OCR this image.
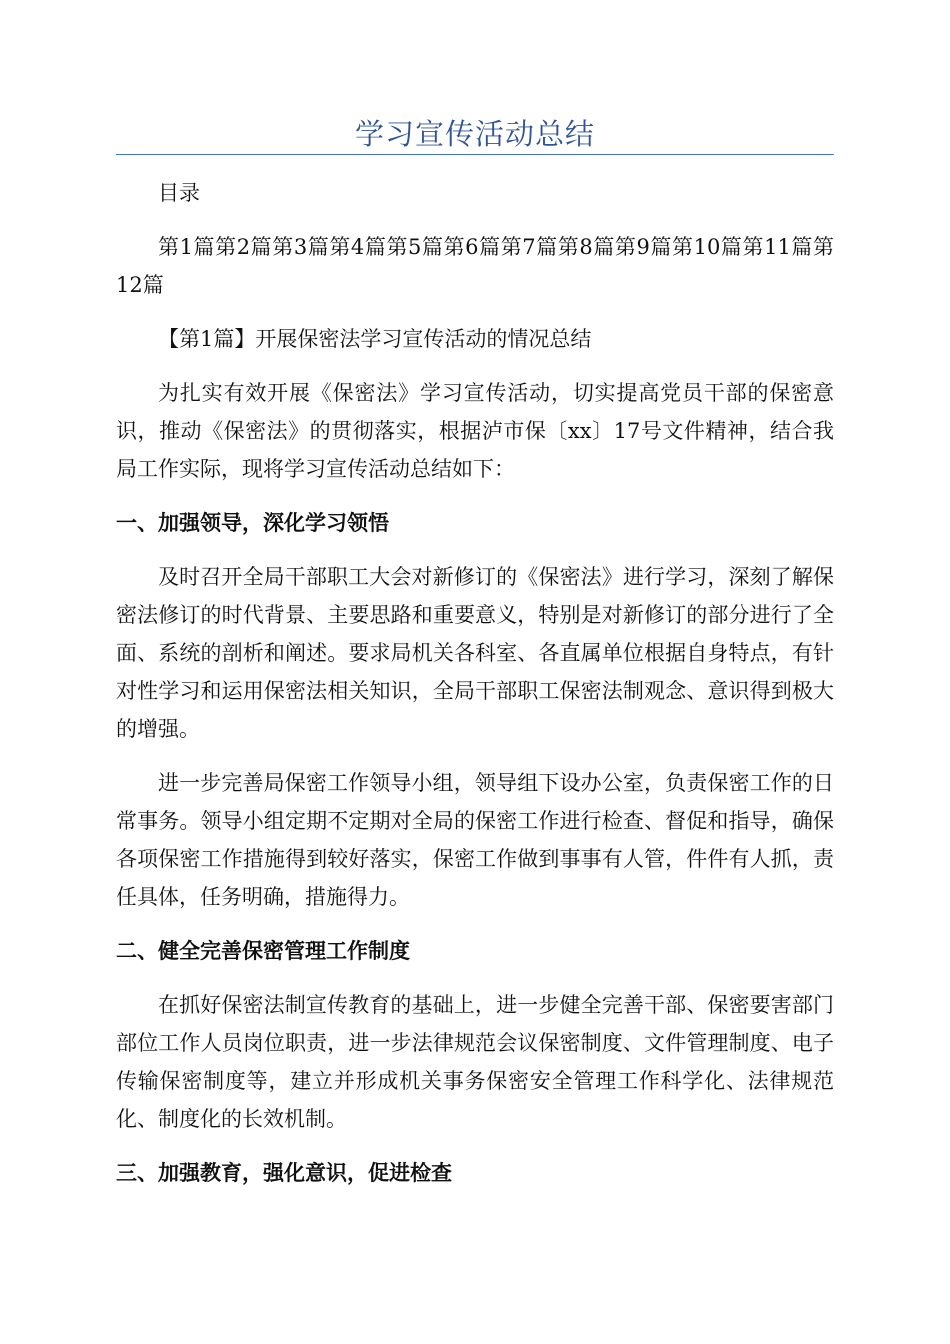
学习宣传活动总结

目录

第1篇第2篇第3篇第4篇第5篇第6篇第7篇第8篇第9篇第10篇第11篇第12篇

【第1篇】开展保密法学习宣传活动的情况总结

为扎实有效开展《保密法》学习宣传活动，切实提高党员干部的保密意识，推动《保密法》的贯彻落实，根据泸市保〔xx〕17号文件精神，结合我局工作实际，现将学习宣传活动总结如下：

一、加强领导，深化学习领悟

及时召开全局干部职工大会对新修订的《保密法》进行学习，深刻了解保密法修订的时代背景、主要思路和重要意义，特别是对新修订的部分进行了全面、系统的剖析和阐述。要求局机关各科室、各直属单位根据自身特点，有针对性学习和运用保密法相关知识，全局干部职工保密法制观念、意识得到极大的增强。

进一步完善局保密工作领导小组，领导组下设办公室，负责保密工作的日常事务。领导小组定期不定期对全局的保密工作进行检查、督促和指导，确保各项保密工作措施得到较好落实，保密工作做到事事有人管，件件有人抓，责任具体，任务明确，措施得力。

二、健全完善保密管理工作制度

在抓好保密法制宣传教育的基础上，进一步健全完善干部、保密要害部门部位工作人员岗位职责，进一步法律规范会议保密制度、文件管理制度、电子传输保密制度等，建立并形成机关事务保密安全管理工作科学化、法律规范化、制度化的长效机制。

三、加强教育，强化意识，促进检查
